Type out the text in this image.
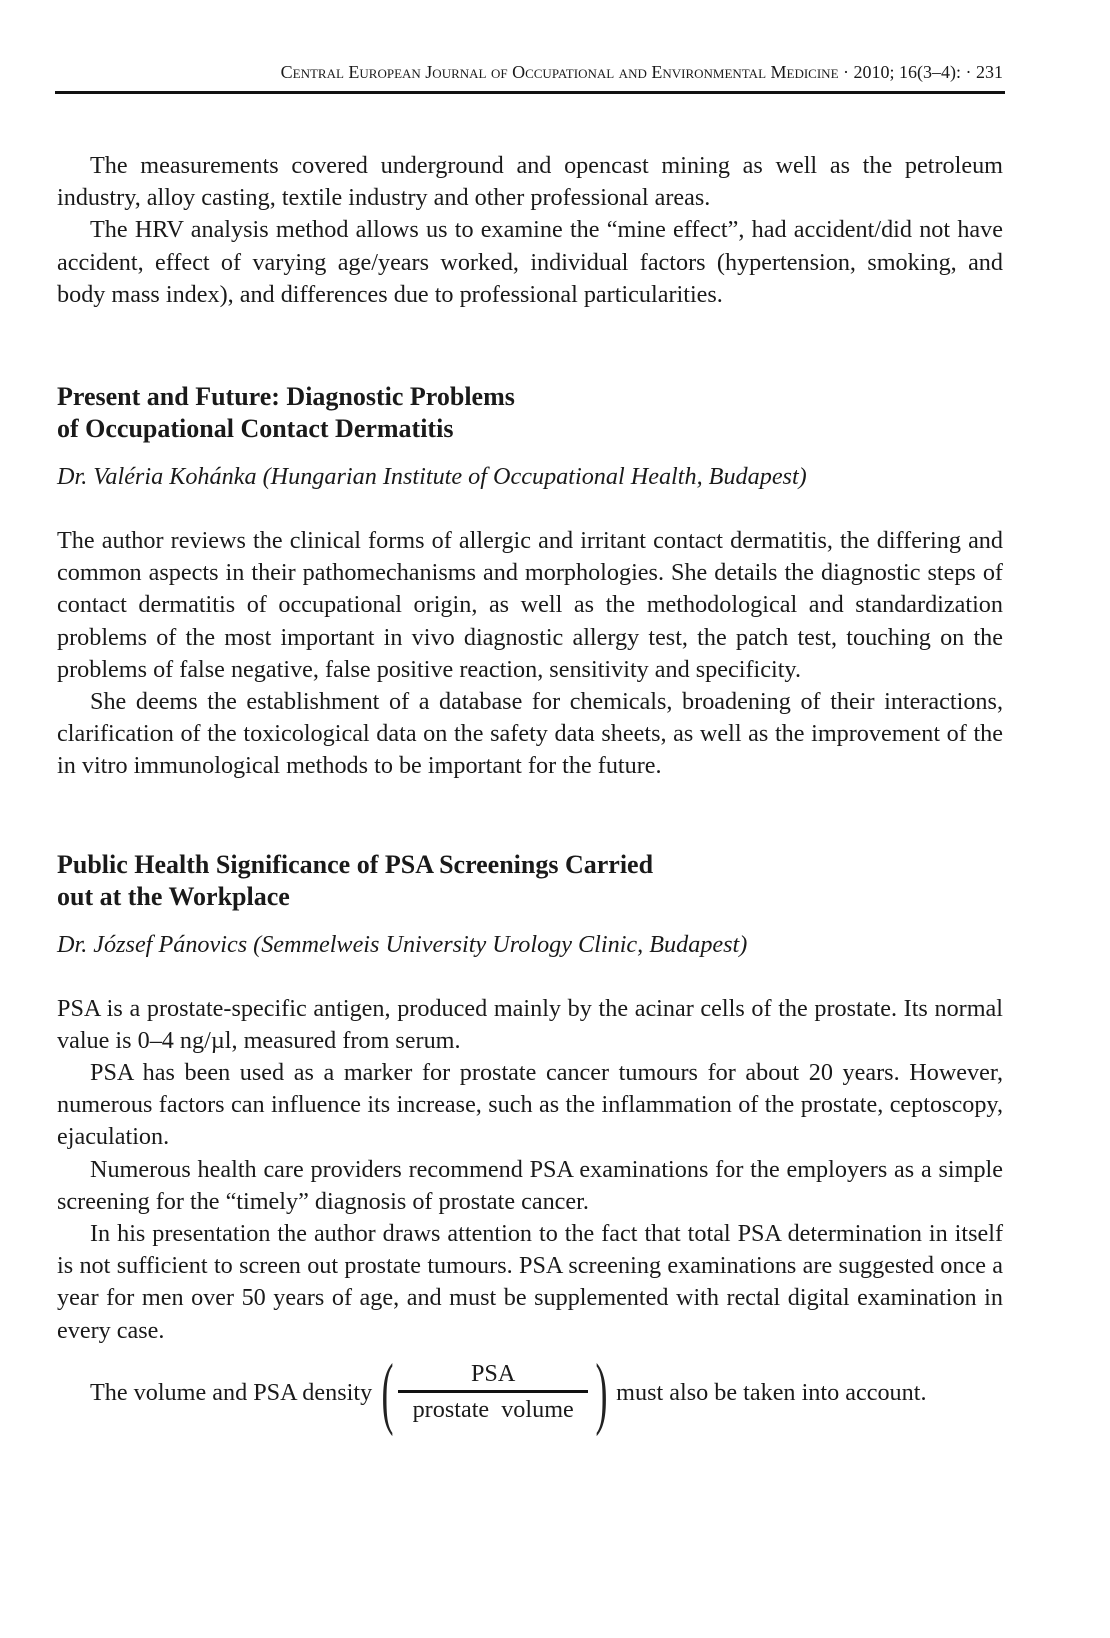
Central European Journal of Occupational and Environmental Medicine · 2010; 16(3–4): · 231

The measurements covered underground and opencast mining as well as the petroleum industry, alloy casting, textile industry and other professional areas.

The HRV analysis method allows us to examine the “mine effect”, had accident/did not have accident, effect of varying age/years worked, individual factors (hypertension, smoking, and body mass index), and differences due to professional particularities.

Present and Future: Diagnostic Problems
of Occupational Contact Dermatitis
Dr. Valéria Kohánka (Hungarian Institute of Occupational Health, Budapest)

The author reviews the clinical forms of allergic and irritant contact dermatitis, the differing and common aspects in their pathomechanisms and morphologies. She details the diagnostic steps of contact dermatitis of occupational origin, as well as the methodological and standardization problems of the most important in vivo diagnostic allergy test, the patch test, touching on the problems of false negative, false positive reaction, sensitivity and specificity.

She deems the establishment of a database for chemicals, broadening of their interactions, clarification of the toxicological data on the safety data sheets, as well as the improvement of the in vitro immunological methods to be important for the future.

Public Health Significance of PSA Screenings Carried
out at the Workplace
Dr. József Pánovics (Semmelweis University Urology Clinic, Budapest)

PSA is a prostate-specific antigen, produced mainly by the acinar cells of the prostate. Its normal value is 0–4 ng/µl, measured from serum.

PSA has been used as a marker for prostate cancer tumours for about 20 years. However, numerous factors can influence its increase, such as the inflammation of the prostate, ceptoscopy, ejaculation.

Numerous health care providers recommend PSA examinations for the employers as a simple screening for the “timely” diagnosis of prostate cancer.

In his presentation the author draws attention to the fact that total PSA determination in itself is not sufficient to screen out prostate tumours. PSA screening examinations are suggested once a year for men over 50 years of age, and must be supplemented with rectal digital examination in every case.

The volume and PSA density ( $\frac{\text{PSA}}{\text{prostate volume}}$ ) must also be taken into account.
